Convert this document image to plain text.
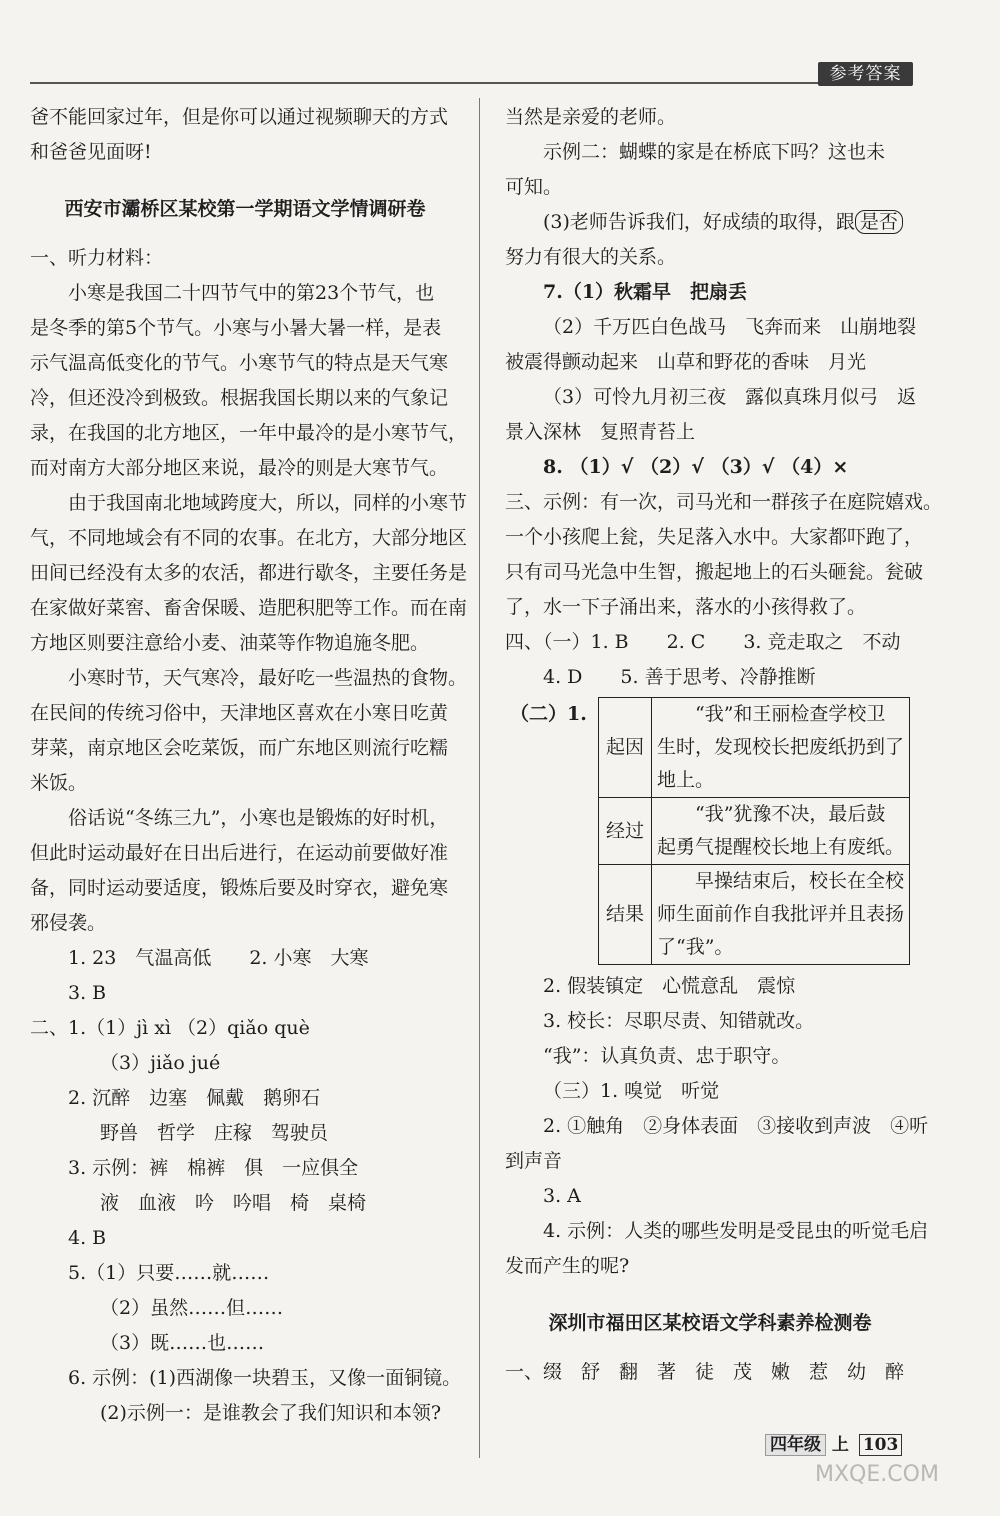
参考答案
爸不能回家过年，但是你可以通过视频聊天的方式
和爸爸见面呀!
西安市灞桥区某校第一学期语文学情调研卷
一、听力材料：
小寒是我国二十四节气中的第23个节气，也
是冬季的第5个节气。小寒与小暑大暑一样，是表
示气温高低变化的节气。小寒节气的特点是天气寒
冷，但还没冷到极致。根据我国长期以来的气象记
录，在我国的北方地区，一年中最冷的是小寒节气，
而对南方大部分地区来说，最冷的则是大寒节气。
由于我国南北地域跨度大，所以，同样的小寒节
气，不同地域会有不同的农事。在北方，大部分地区
田间已经没有太多的农活，都进行歇冬，主要任务是
在家做好菜窖、畜舍保暖、造肥积肥等工作。而在南
方地区则要注意给小麦、油菜等作物追施冬肥。
小寒时节，天气寒冷，最好吃一些温热的食物。
在民间的传统习俗中，天津地区喜欢在小寒日吃黄
芽菜，南京地区会吃菜饭，而广东地区则流行吃糯
米饭。
俗话说“冬练三九”，小寒也是锻炼的好时机，
但此时运动最好在日出后进行，在运动前要做好准
备，同时运动要适度，锻炼后要及时穿衣，避免寒
邪侵袭。
1. 23　气温高低　　2. 小寒　大寒
3. B
二、1.（1）jì xì （2）qiǎo què
（3）jiǎo jué
2. 沉醉　边塞　佩戴　鹅卵石
野兽　哲学　庄稼　驾驶员
3. 示例：裤　棉裤　俱　一应俱全
液　血液　吟　吟唱　椅　桌椅
4. B
5.（1）只要……就……
（2）虽然……但……
（3）既……也……
6. 示例：(1)西湖像一块碧玉，又像一面铜镜。
(2)示例一：是谁教会了我们知识和本领?
当然是亲爱的老师。
示例二：蝴蝶的家是在桥底下吗？这也未
可知。
(3)老师告诉我们，好成绩的取得，跟 是否
努力有很大的关系。
7.（1）秋霜早　把扇丢
（2）千万匹白色战马　飞奔而来　山崩地裂
被震得颤动起来　山草和野花的香味　月光
（3）可怜九月初三夜　露似真珠月似弓　返
景入深林　复照青苔上
8. （1）√ （2）√ （3）√ （4）×
三、示例：有一次，司马光和一群孩子在庭院嬉戏。
一个小孩爬上瓮，失足落入水中。大家都吓跑了，
只有司马光急中生智，搬起地上的石头砸瓮。瓮破
了，水一下子涌出来，落水的小孩得救了。
四、（一）1. B　　2. C　　3. 竞走取之　不动
4. D　　5. 善于思考、冷静推断
（二）1.
起因	“我”和王丽检查学校卫生时，发现校长把废纸扔到了地上。
经过	“我”犹豫不决，最后鼓起勇气提醒校长地上有废纸。
结果	早操结束后，校长在全校师生面前作自我批评并且表扬了“我”。
2. 假装镇定　心慌意乱　震惊
3. 校长：尽职尽责、知错就改。
“我”：认真负责、忠于职守。
（三）1. 嗅觉　听觉
2. ①触角　②身体表面　③接收到声波　④听
到声音
3. A
4. 示例：人类的哪些发明是受昆虫的听觉毛启
发而产生的呢?
深圳市福田区某校语文学科素养检测卷
一、缀　舒　翻　著　徒　茂　嫩　惹　幼　醉
四年级 上 103
MXQE.COM
